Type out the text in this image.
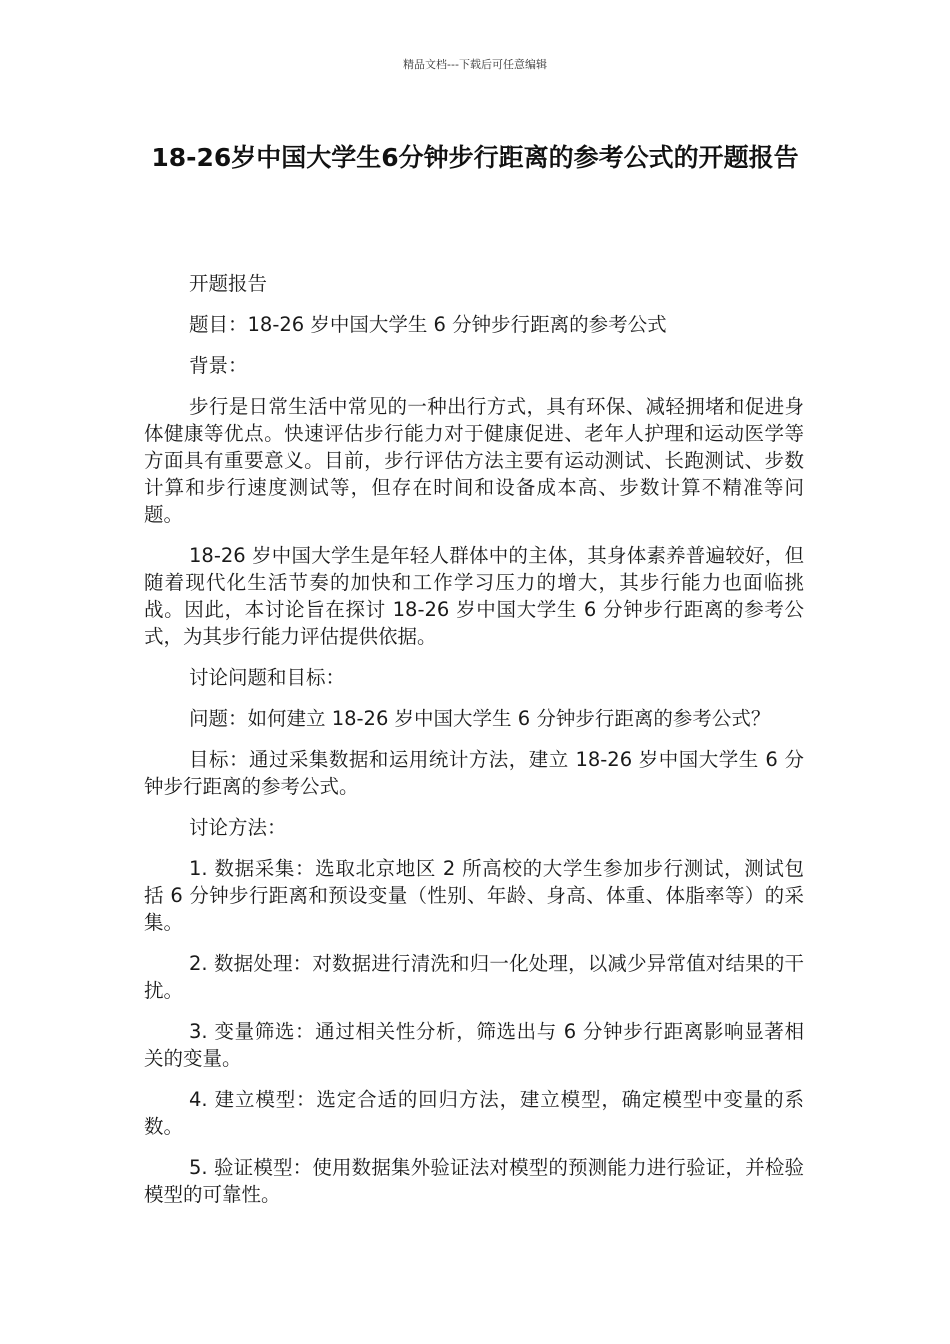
精品文档---下载后可任意编辑
18-26岁中国大学生6分钟步行距离的参考公式的开题报告

开题报告

题目：18-26 岁中国大学生 6 分钟步行距离的参考公式

背景：

步行是日常生活中常见的一种出行方式，具有环保、减轻拥堵和促进身体健康等优点。快速评估步行能力对于健康促进、老年人护理和运动医学等方面具有重要意义。目前，步行评估方法主要有运动测试、长跑测试、步数计算和步行速度测试等，但存在时间和设备成本高、步数计算不精准等问题。

18-26 岁中国大学生是年轻人群体中的主体，其身体素养普遍较好，但随着现代化生活节奏的加快和工作学习压力的增大，其步行能力也面临挑战。因此，本讨论旨在探讨 18-26 岁中国大学生 6 分钟步行距离的参考公式，为其步行能力评估提供依据。

讨论问题和目标：

问题：如何建立 18-26 岁中国大学生 6 分钟步行距离的参考公式？

目标：通过采集数据和运用统计方法，建立 18-26 岁中国大学生 6 分钟步行距离的参考公式。

讨论方法：

1. 数据采集：选取北京地区 2 所高校的大学生参加步行测试，测试包括 6 分钟步行距离和预设变量（性别、年龄、身高、体重、体脂率等）的采集。

2. 数据处理：对数据进行清洗和归一化处理，以减少异常值对结果的干扰。

3. 变量筛选：通过相关性分析，筛选出与 6 分钟步行距离影响显著相关的变量。

4. 建立模型：选定合适的回归方法，建立模型，确定模型中变量的系数。

5. 验证模型：使用数据集外验证法对模型的预测能力进行验证，并检验模型的可靠性。
